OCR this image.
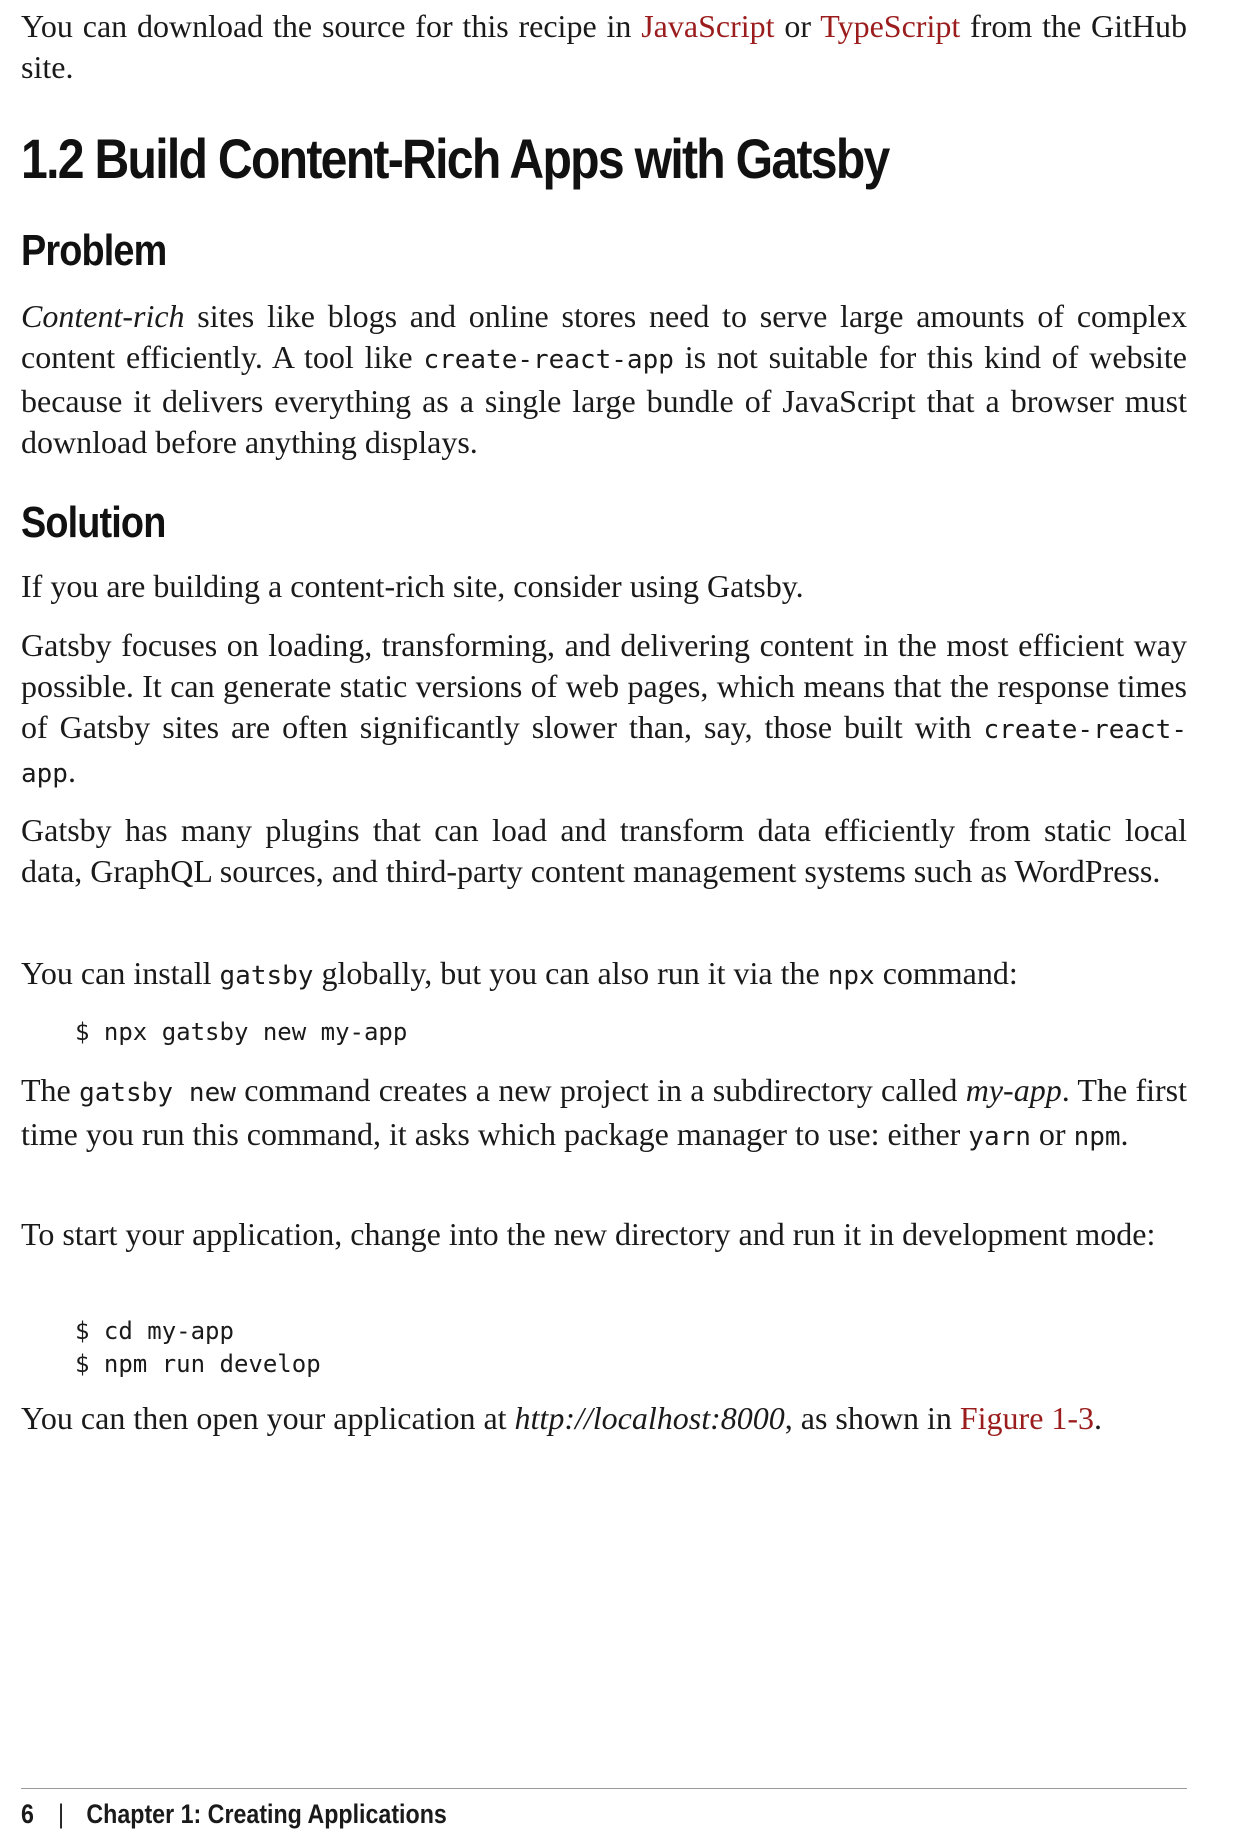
You can download the source for this recipe in JavaScript or TypeScript from the GitHub site.

1.2 Build Content-Rich Apps with Gatsby
Problem

Content-rich sites like blogs and online stores need to serve large amounts of complex content efficiently. A tool like create-react-app is not suitable for this kind of website because it delivers everything as a single large bundle of JavaScript that a browser must download before anything displays.

Solution

If you are building a content-rich site, consider using Gatsby.

Gatsby focuses on loading, transforming, and delivering content in the most efficient way possible. It can generate static versions of web pages, which means that the response times of Gatsby sites are often significantly slower than, say, those built with create-react-app.

Gatsby has many plugins that can load and transform data efficiently from static local data, GraphQL sources, and third-party content management systems such as WordPress.

You can install gatsby globally, but you can also run it via the npx command:

$ npx gatsby new my-app

The gatsby new command creates a new project in a subdirectory called my-app. The first time you run this command, it asks which package manager to use: either yarn or npm.

To start your application, change into the new directory and run it in development mode:

$ cd my-app
$ npm run develop

You can then open your application at http://localhost:8000, as shown in Figure 1-3.

6 | Chapter 1: Creating Applications
